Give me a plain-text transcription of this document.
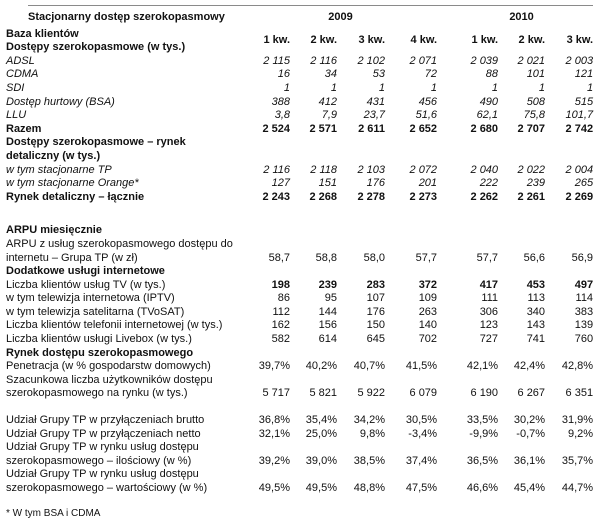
Stacjonarny dostęp szerokopasmowy	2009					2010		
Baza klientów	1 kw.	2 kw.	3 kw.	4 kw.		1 kw.	2 kw.	3 kw.
Dostępy szerokopasmowe (w tys.)								
ADSL	2 115	2 116	2 102	2 071		2 039	2 021	2 003
CDMA	16	34	53	72		88	101	121
SDI	1	1	1	1		1	1	1
Dostęp hurtowy (BSA)	388	412	431	456		490	508	515
LLU	3,8	7,9	23,7	51,6		62,1	75,8	101,7
Razem	2 524	2 571	2 611	2 652		2 680	2 707	2 742

Dostępy szerokopasmowe – rynek
detaliczny (w tys.)								

w tym stacjonarne TP	2 116	2 118	2 103	2 072		2 040	2 022	2 004
w tym stacjonarne Orange*	127	151	176	201		222	239	265
Rynek detaliczny – łącznie	2 243	2 268	2 278	2 273		2 262	2 261	2 269

ARPU miesięcznie								

ARPU z usług szerokopasmowego dostępu do
internetu – Grupa TP (w zł)	58,7	58,8	58,0	57,7		57,7	56,6	56,9
Dodatkowe usługi internetowe								
Liczba klientów usług TV (w tys.)	198	239	283	372		417	453	497
w tym telewizja internetowa (IPTV)	86	95	107	109		111	113	114
w tym telewizja satelitarna (TVoSAT)	112	144	176	263		306	340	383
Liczba klientów telefonii internetowej (w tys.)	162	156	150	140		123	143	139
Liczba klientów usługi Livebox (w tys.)	582	614	645	702		727	741	760
Rynek dostępu szerokopasmowego								
Penetracja (w % gospodarstw domowych)	39,7%	40,2%	40,7%	41,5%		42,1%	42,4%	42,8%

Szacunkowa liczba użytkowników dostępu
szerokopasmowego na rynku (w tys.)	5 717	5 821	5 922	6 079		6 190	6 267	6 351

Udział Grupy TP w przyłączeniach brutto	36,8%	35,4%	34,2%	30,5%		33,5%	30,2%	31,9%
Udział Grupy TP w przyłączeniach netto	32,1%	25,0%	9,8%	-3,4%		-9,9%	-0,7%	9,2%

Udział Grupy TP w rynku usług dostępu
szerokopasmowego – ilościowy (w %)	39,2%	39,0%	38,5%	37,4%		36,5%	36,1%	35,7%

Udział Grupy TP w rynku usług dostępu
szerokopasmowego – wartościowy (w %)	49,5%	49,5%	48,8%	47,5%		46,6%	45,4%	44,7%
* W tym BSA i CDMA
